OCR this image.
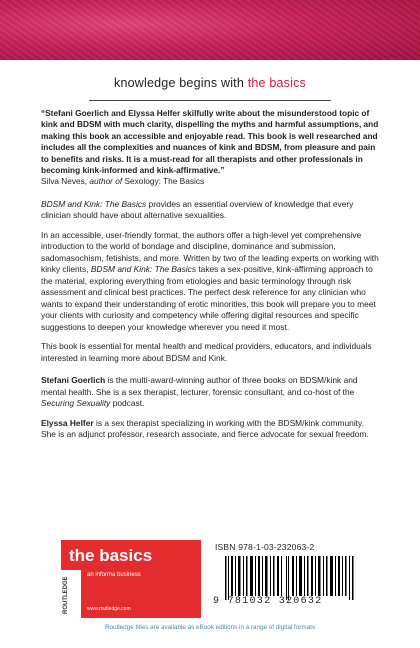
knowledge begins with the basics

“Stefani Goerlich and Elyssa Helfer skilfully write about the misunderstood topic of kink and BDSM with much clarity, dispelling the myths and harmful assumptions, and making this book an accessible and enjoyable read. This book is well researched and includes all the complexities and nuances of kink and BDSM, from pleasure and pain to benefits and risks. It is a must-read for all therapists and other professionals in becoming kink-informed and kink-affirmative.”

Silva Neves, author of Sexology: The Basics

BDSM and Kink: The Basics provides an essential overview of knowledge that every clinician should have about alternative sexualities.

In an accessible, user-friendly format, the authors offer a high-level yet comprehensive introduction to the world of bondage and discipline, dominance and submission, sadomasochism, fetishists, and more. Written by two of the leading experts on working with kinky clients, BDSM and Kink: The Basics takes a sex-positive, kink-affirming approach to the material, exploring everything from etiologies and basic terminology through risk assessment and clinical best practices. The perfect desk reference for any clinician who wants to expand their understanding of erotic minorities, this book will prepare you to meet your clients with curiosity and competency while offering digital resources and specific suggestions to deepen your knowledge wherever you need it most.

This book is essential for mental health and medical providers, educators, and individuals interested in learning more about BDSM and Kink.

Stefani Goerlich is the multi-award-winning author of three books on BDSM/kink and mental health. She is a sex therapist, lecturer, forensic consultant, and co-host of the Securing Sexuality podcast.

Elyssa Helfer is a sex therapist specializing in working with the BDSM/kink community. She is an adjunct professor, research associate, and fierce advocate for sexual freedom.

the basics
ROUTLEDGE
an informa business
www.routledge.com
ISBN 978-1-03-232063-2
9 781032 320632
Routledge titles are available as eBook editions in a range of digital formats
